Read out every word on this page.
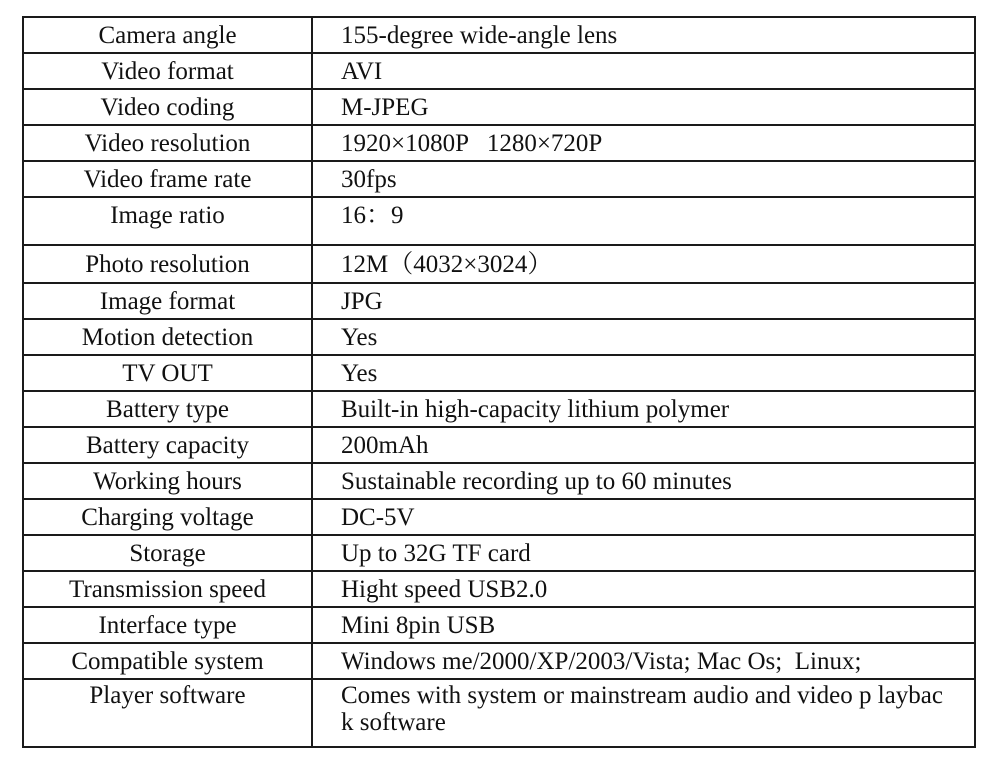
Camera angle	155-degree wide-angle lens
Video format	AVI
Video coding	M-JPEG
Video resolution	1920×1080P   1280×720P
Video frame rate	30fps
Image ratio	16：9
Photo resolution	12M（4032×3024）
Image format	JPG
Motion detection	Yes
TV OUT	Yes
Battery type	Built-in high-capacity lithium polymer
Battery capacity	200mAh
Working hours	Sustainable recording up to 60 minutes
Charging voltage	DC-5V
Storage	Up to 32G TF card
Transmission speed	Hight speed USB2.0
Interface type	Mini 8pin USB
Compatible system	Windows me/2000/XP/2003/Vista; Mac Os;  Linux;
Player software	Comes with system or mainstream audio and video p layback software
